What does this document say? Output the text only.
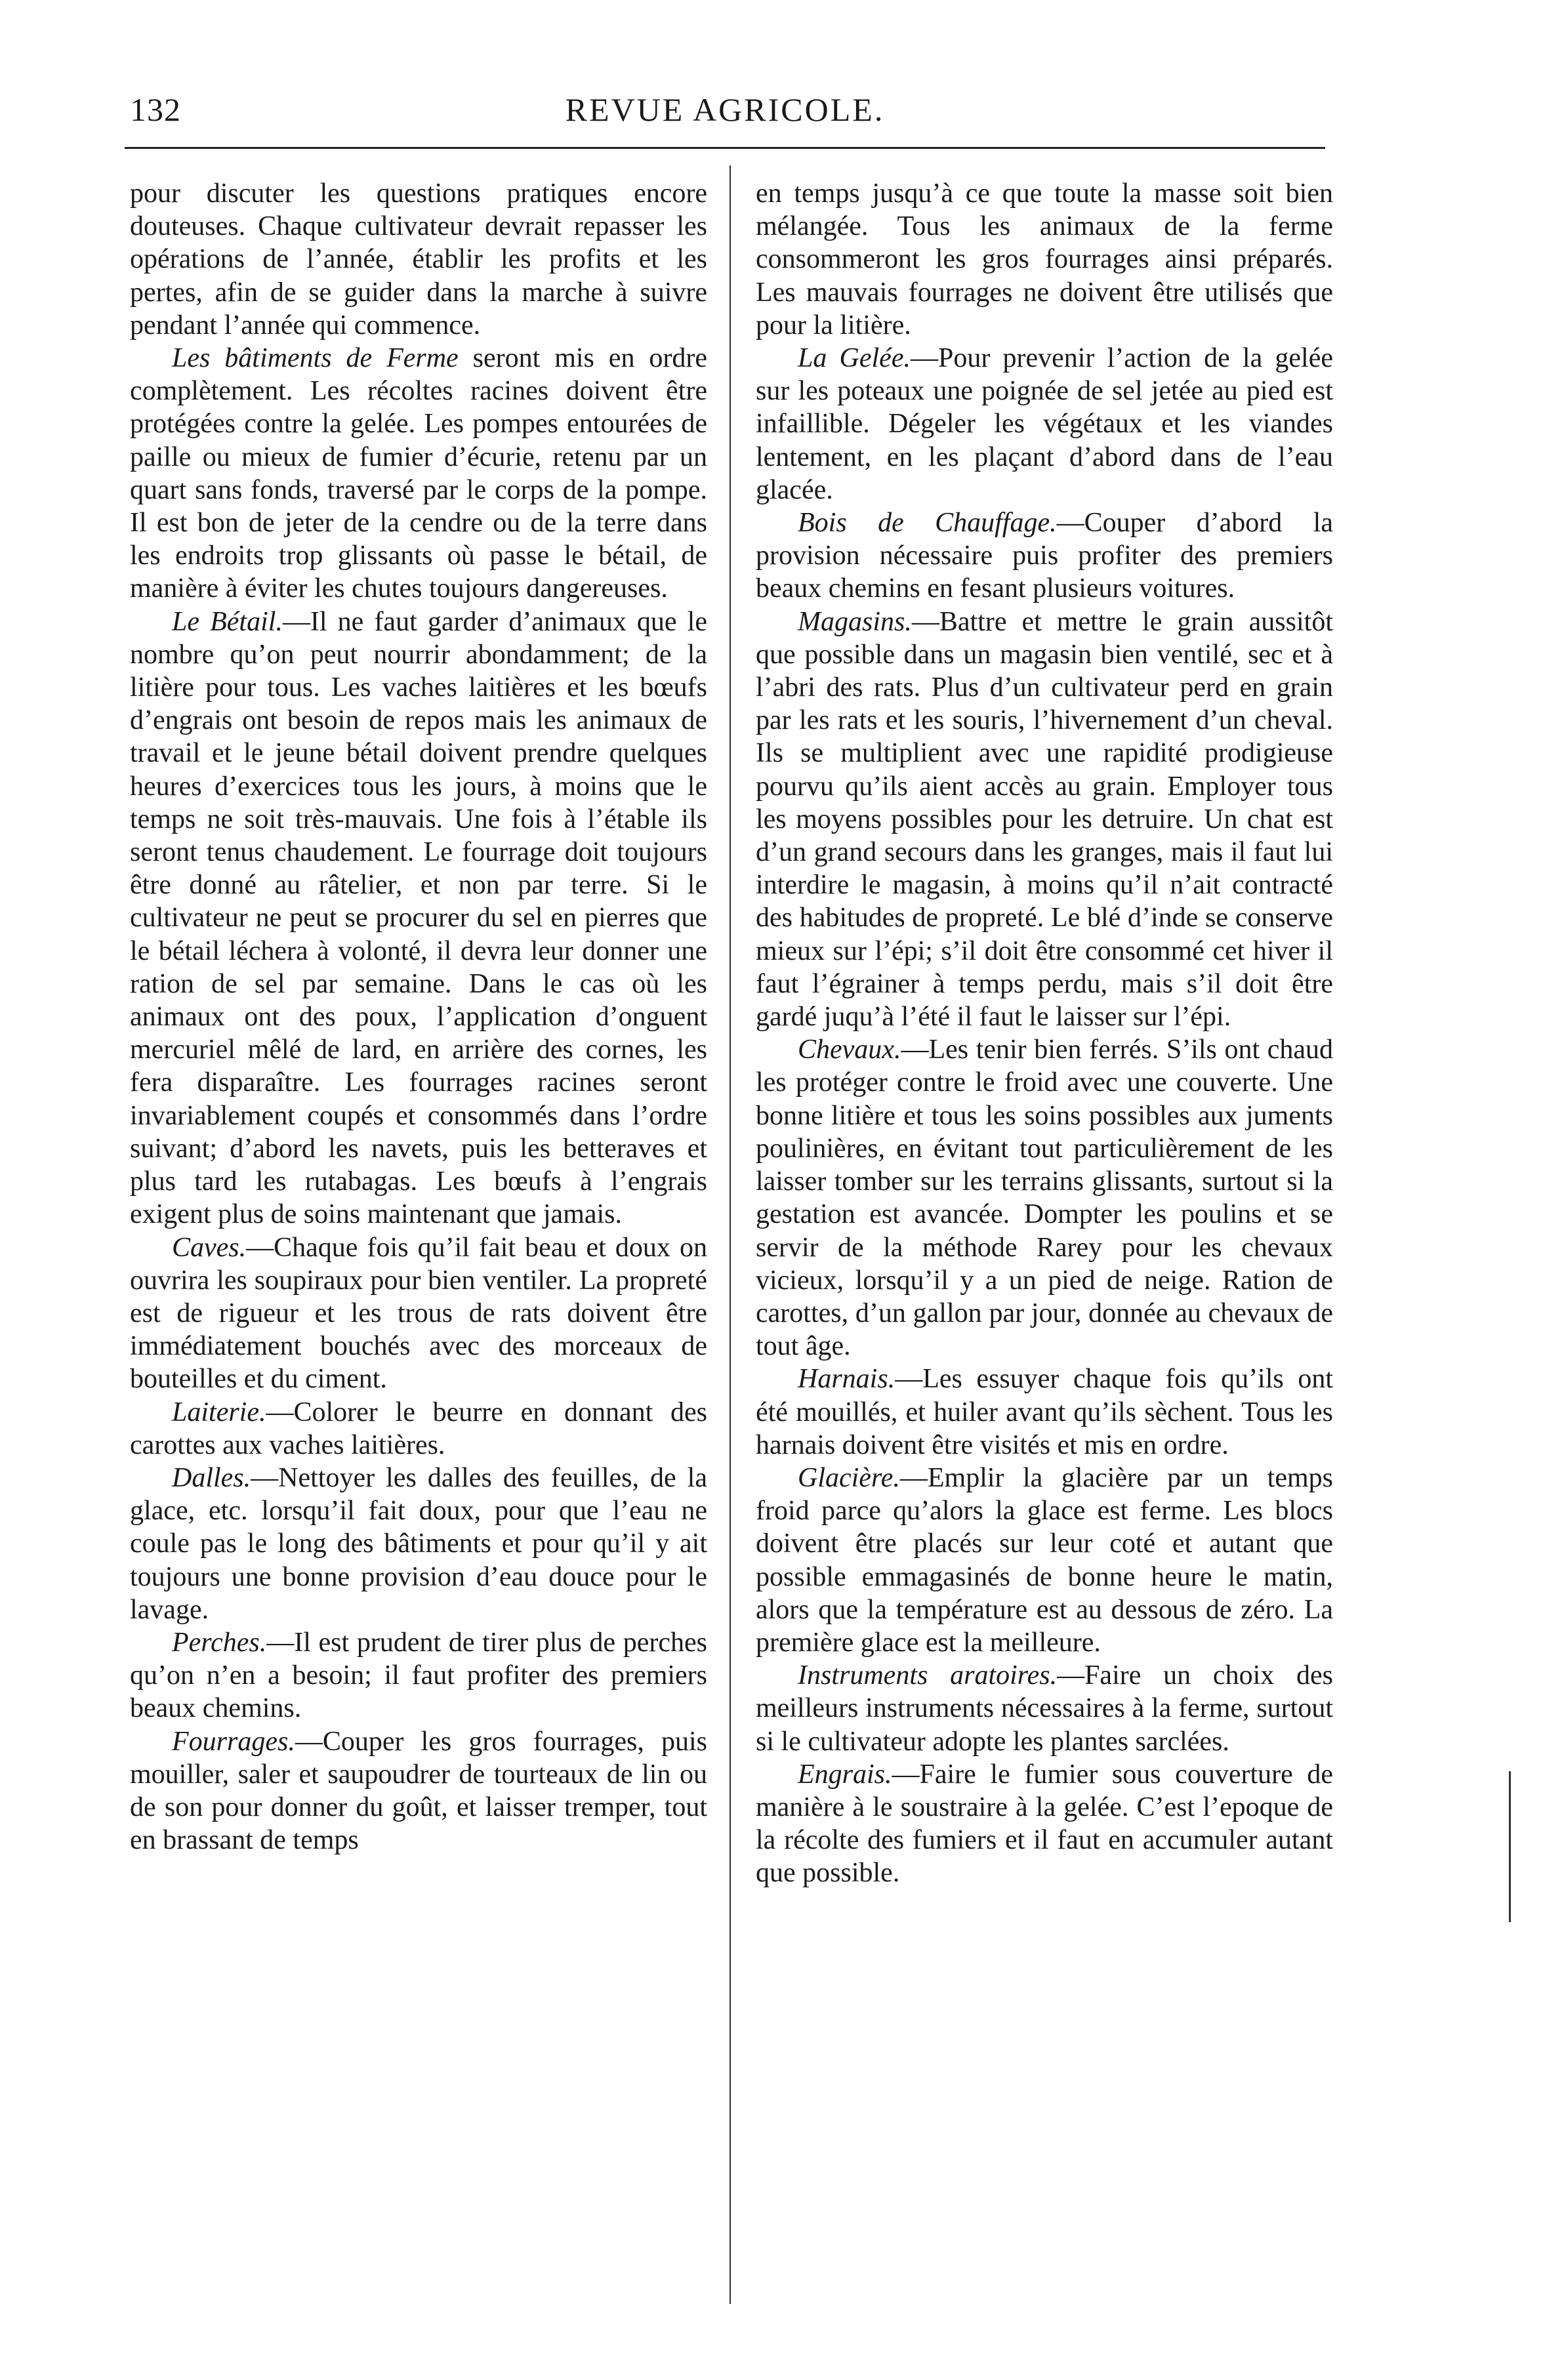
132	REVUE AGRICOLE.

pour discuter les questions pratiques encore douteuses. Chaque cultivateur devrait repasser les opérations de l’année, établir les profits et les pertes, afin de se guider dans la marche à suivre pendant l’année qui commence.

Les bâtiments de Ferme seront mis en ordre complètement. Les récoltes racines doivent être protégées contre la gelée. Les pompes entourées de paille ou mieux de fumier d’écurie, retenu par un quart sans fonds, traversé par le corps de la pompe. Il est bon de jeter de la cendre ou de la terre dans les endroits trop glissants où passe le bétail, de manière à éviter les chutes toujours dangereuses.

Le Bétail.—Il ne faut garder d’animaux que le nombre qu’on peut nourrir abondamment; de la litière pour tous. Les vaches laitières et les bœufs d’engrais ont besoin de repos mais les animaux de travail et le jeune bétail doivent prendre quelques heures d’exercices tous les jours, à moins que le temps ne soit très-mauvais. Une fois à l’étable ils seront tenus chaudement. Le fourrage doit toujours être donné au râtelier, et non par terre. Si le cultivateur ne peut se procurer du sel en pierres que le bétail léchera à volonté, il devra leur donner une ration de sel par semaine. Dans le cas où les animaux ont des poux, l’application d’onguent mercuriel mêlé de lard, en arrière des cornes, les fera disparaître. Les fourrages racines seront invariablement coupés et consommés dans l’ordre suivant; d’abord les navets, puis les betteraves et plus tard les rutabagas. Les bœufs à l’engrais exigent plus de soins maintenant que jamais.

Caves.—Chaque fois qu’il fait beau et doux on ouvrira les soupiraux pour bien ventiler. La propreté est de rigueur et les trous de rats doivent être immédiatement bouchés avec des morceaux de bouteilles et du ciment.

Laiterie.—Colorer le beurre en donnant des carottes aux vaches laitières.

Dalles.—Nettoyer les dalles des feuilles, de la glace, etc. lorsqu’il fait doux, pour que l’eau ne coule pas le long des bâtiments et pour qu’il y ait toujours une bonne provision d’eau douce pour le lavage.

Perches.—Il est prudent de tirer plus de perches qu’on n’en a besoin; il faut profiter des premiers beaux chemins.

Fourrages.—Couper les gros fourrages, puis mouiller, saler et saupoudrer de tourteaux de lin ou de son pour donner du goût, et laisser tremper, tout en brassant de temps

en temps jusqu’à ce que toute la masse soit bien mélangée. Tous les animaux de la ferme consommeront les gros fourrages ainsi préparés. Les mauvais fourrages ne doivent être utilisés que pour la litière.

La Gelée.—Pour prevenir l’action de la gelée sur les poteaux une poignée de sel jetée au pied est infaillible. Dégeler les végétaux et les viandes lentement, en les plaçant d’abord dans de l’eau glacée.

Bois de Chauffage.—Couper d’abord la provision nécessaire puis profiter des premiers beaux chemins en fesant plusieurs voitures.

Magasins.—Battre et mettre le grain aussitôt que possible dans un magasin bien ventilé, sec et à l’abri des rats. Plus d’un cultivateur perd en grain par les rats et les souris, l’hivernement d’un cheval. Ils se multiplient avec une rapidité prodigieuse pourvu qu’ils aient accès au grain. Employer tous les moyens possibles pour les detruire. Un chat est d’un grand secours dans les granges, mais il faut lui interdire le magasin, à moins qu’il n’ait contracté des habitudes de propreté. Le blé d’inde se conserve mieux sur l’épi; s’il doit être consommé cet hiver il faut l’égrainer à temps perdu, mais s’il doit être gardé juqu’à l’été il faut le laisser sur l’épi.

Chevaux.—Les tenir bien ferrés. S’ils ont chaud les protéger contre le froid avec une couverte. Une bonne litière et tous les soins possibles aux juments poulinières, en évitant tout particulièrement de les laisser tomber sur les terrains glissants, surtout si la gestation est avancée. Dompter les poulins et se servir de la méthode Rarey pour les chevaux vicieux, lorsqu’il y a un pied de neige. Ration de carottes, d’un gallon par jour, donnée au chevaux de tout âge.

Harnais.—Les essuyer chaque fois qu’ils ont été mouillés, et huiler avant qu’ils sèchent. Tous les harnais doivent être visités et mis en ordre.

Glacière.—Emplir la glacière par un temps froid parce qu’alors la glace est ferme. Les blocs doivent être placés sur leur coté et autant que possible emmagasinés de bonne heure le matin, alors que la température est au dessous de zéro. La première glace est la meilleure.

Instruments aratoires.—Faire un choix des meilleurs instruments nécessaires à la ferme, surtout si le cultivateur adopte les plantes sarclées.

Engrais.—Faire le fumier sous couverture de manière à le soustraire à la gelée. C’est l’epoque de la récolte des fumiers et il faut en accumuler autant que possible.
